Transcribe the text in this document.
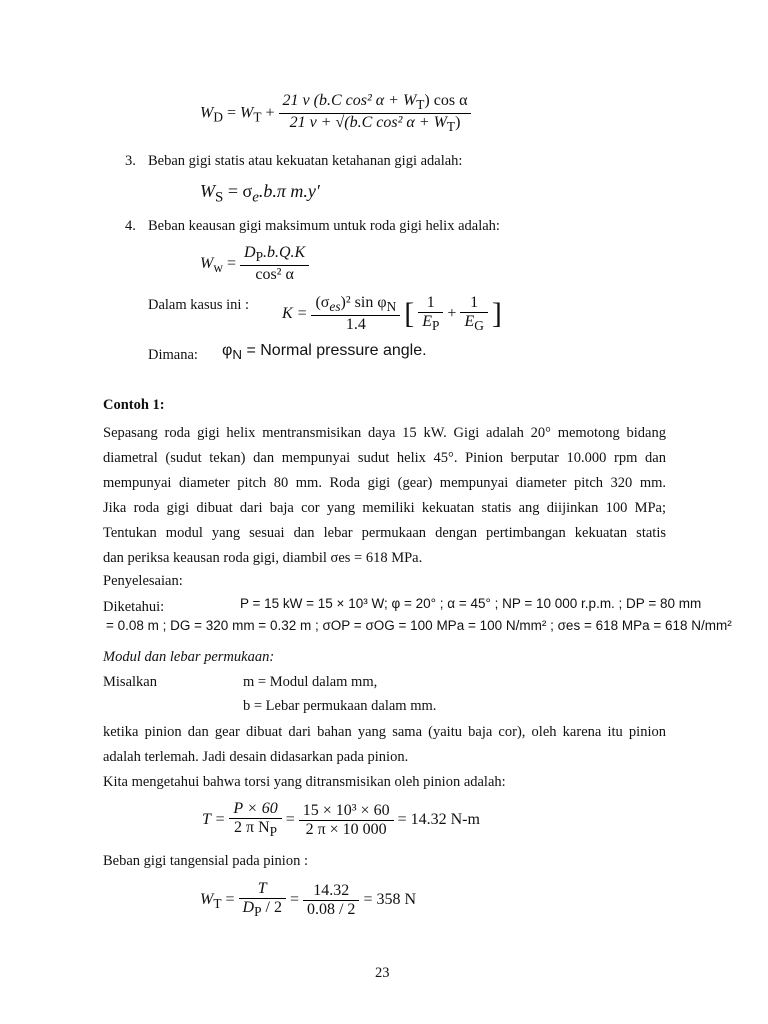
$W_D = W_T + \frac{21 v (b.C \cos^2 \alpha + W_T) \cos \alpha}{21 v + √(b.C \cos^2 \alpha + W_T)}$
3. Beban gigi statis atau kekuatan ketahanan gigi adalah:
$W_S = \sigma_e.b.\pi$ m.y′
4. Beban keausan gigi maksimum untuk roda gigi helix adalah:
$W_w = \frac{D_P.b.Q.K}{\text{cos² α}}$
Dalam kasus ini : $K = \frac{(\sigma_{es})^2 \sin \varphi_N}{1.4}$ [ $\frac{1}{E_P} + \frac{1}{E_G}$ ]
Dimana: $\varphi_N$ = Normal pressure angle.
Contoh 1:
Sepasang roda gigi helix mentransmisikan daya 15 kW. Gigi adalah 20° memotong bidang
diametral (sudut tekan) dan mempunyai sudut helix 45°. Pinion berputar 10.000 rpm dan
mempunyai diameter pitch 80 mm. Roda gigi (gear) mempunyai diameter pitch 320 mm.
Jika roda gigi dibuat dari baja cor yang memiliki kekuatan statis ang diijinkan 100 MPa;
Tentukan modul yang sesuai dan lebar permukaan dengan pertimbangan kekuatan statis
dan periksa keausan roda gigi, diambil σes = 618 MPa.
Penyelesaian:
Diketahui:	P = 15 kW = 15 × 10³ W; φ = 20° ; α = 45° ; NP = 10 000 r.p.m. ; DP = 80 mm
= 0.08 m ; DG = 320 mm = 0.32 m ; σOP = σOG = 100 MPa = 100 N/mm² ; σes = 618 MPa = 618 N/mm²
Modul dan lebar permukaan:
Misalkan	m = Modul dalam mm,
b = Lebar permukaan dalam mm.
ketika pinion dan gear dibuat dari bahan yang sama (yaitu baja cor), oleh karena itu pinion
adalah terlemah. Jadi desain didasarkan pada pinion.
Kita mengetahui bahwa torsi yang ditransmisikan oleh pinion adalah:
$T = \frac{P \times 60}{2 \pi N_P} = \frac{\text{15 × 10³ × 60}}{2 \pi \times 10 000} = 14.32$ N-m
Beban gigi tangensial pada pinion :
$W_T = \frac{T}{D_P / 2} = \frac{14.32}{0.08 / 2} = 358$ N
23
